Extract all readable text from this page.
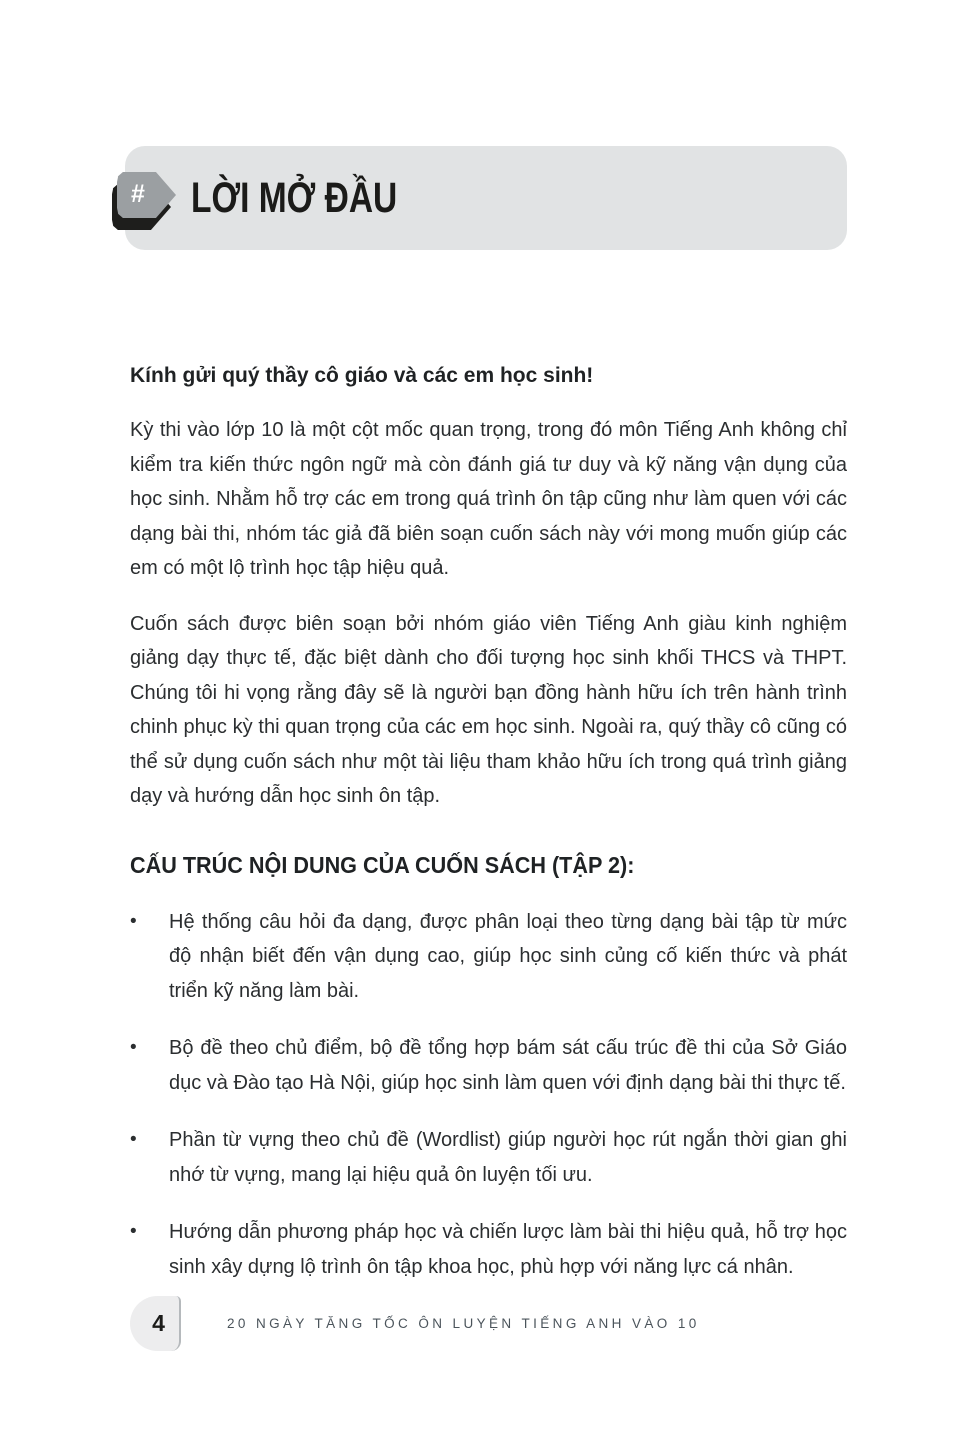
LỜI MỞ ĐẦU
#

Kính gửi quý thầy cô giáo và các em học sinh!

Kỳ thi vào lớp 10 là một cột mốc quan trọng, trong đó môn Tiếng Anh không chỉ kiểm tra kiến thức ngôn ngữ mà còn đánh giá tư duy và kỹ năng vận dụng của học sinh. Nhằm hỗ trợ các em trong quá trình ôn tập cũng như làm quen với các dạng bài thi, nhóm tác giả đã biên soạn cuốn sách này với mong muốn giúp các em có một lộ trình học tập hiệu quả.

Cuốn sách được biên soạn bởi nhóm giáo viên Tiếng Anh giàu kinh nghiệm giảng dạy thực tế, đặc biệt dành cho đối tượng học sinh khối THCS và THPT. Chúng tôi hi vọng rằng đây sẽ là người bạn đồng hành hữu ích trên hành trình chinh phục kỳ thi quan trọng của các em học sinh. Ngoài ra, quý thầy cô cũng có thể sử dụng cuốn sách như một tài liệu tham khảo hữu ích trong quá trình giảng dạy và hướng dẫn học sinh ôn tập.

CẤU TRÚC NỘI DUNG CỦA CUỐN SÁCH (TẬP 2):
•	Hệ thống câu hỏi đa dạng, được phân loại theo từng dạng bài tập từ mức độ nhận biết đến vận dụng cao, giúp học sinh củng cố kiến thức và phát triển kỹ năng làm bài.
•	Bộ đề theo chủ điểm, bộ đề tổng hợp bám sát cấu trúc đề thi của Sở Giáo dục và Đào tạo Hà Nội, giúp học sinh làm quen với định dạng bài thi thực tế.
•	Phần từ vựng theo chủ đề (Wordlist) giúp người học rút ngắn thời gian ghi nhớ từ vựng, mang lại hiệu quả ôn luyện tối ưu.
•	Hướng dẫn phương pháp học và chiến lược làm bài thi hiệu quả, hỗ trợ học sinh xây dựng lộ trình ôn tập khoa học, phù hợp với năng lực cá nhân.
4	20 NGÀY TĂNG TỐC ÔN LUYỆN TIẾNG ANH VÀO 10
